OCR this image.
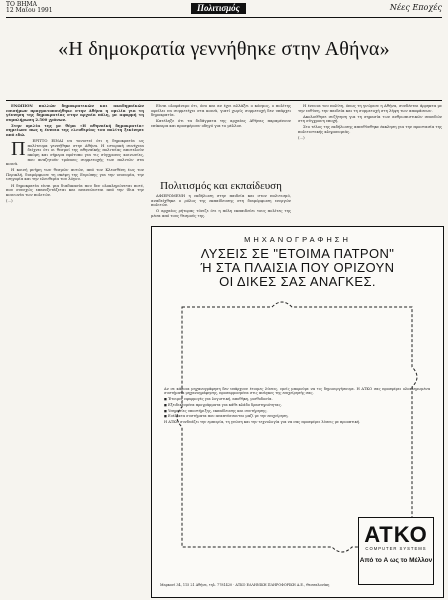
ΤΟ ΒΗΜΑ
12 Μαΐου 1991	Πολιτισμός	Νέες Εποχές
«Η δημοκρατία γεννήθηκε στην Αθήνα»

ΕΝΩΠΙΟΝ πολλών δημοκρατικών και ακαδημαϊκών επισήμων πραγματοποιήθηκε στην Αθήνα η ομιλία για τη γέννηση της δημοκρατίας στην αρχαία πόλη, με αφορμή τη συμπλήρωση 2.500 χρόνων.

Στην ομιλία της με θέμα «Η αθηναϊκή δημοκρατία» σημείωσε πως η έννοια της ελευθερίας του πολίτη ξεκίνησε από εδώ.

Π ΕΡΙΤΤΟ ΕΙΝΑΙ να τονιστεί ότι η δημοκρατία ως πολίτευμα γεννήθηκε στην Αθήνα. Η ιστορική συνέχεια δείχνει ότι οι θεσμοί της αθηναϊκής πολιτείας αποτελούν ακόμη και σήμερα πρότυπο για τις σύγχρονες κοινωνίες, που αναζητούν τρόπους συμμετοχής των πολιτών στα κοινά.

Η κοινή μνήμη των θεσμών αυτών, από τον Κλεισθένη έως τον Περικλή, διαμόρφωσε τη σκέψη της Ευρώπης για την ισονομία, την ισηγορία και την ελευθερία του λόγου.

Η δημοκρατία είναι μια διαδικασία που δεν ολοκληρώνεται ποτέ, που συνεχώς επανεξετάζεται και ανανεώνεται από την ίδια την κοινωνία των πολιτών.

(...)

Είναι ολοφάνερο ότι, όσο και αν έχει αλλάξει ο κόσμος, ο πολίτης οφείλει να συμμετέχει στα κοινά, γιατί χωρίς συμμετοχή δεν υπάρχει δημοκρατία.

Κατέληξε ότι τα διδάγματα της αρχαίας Αθήνας παραμένουν επίκαιρα και προσφέρουν οδηγό για το μέλλον.

Πολιτισμός και εκπαίδευση

ΑΦΙΕΡΩΜΕΝΗ η εκδήλωση στην παιδεία και στον πολιτισμό, αναδείχθηκε ο ρόλος της εκπαίδευσης στη διαμόρφωση ενεργών πολιτών.

Ο αρχαίος ρήτορας τόνιζε ότι η πόλη εκπαιδεύει τους πολίτες της μέσα από τους θεσμούς της.

Η έννοια του πολίτη, όπως τη γνώρισε η Αθήνα, συνδέεται άρρηκτα με την ευθύνη, την παιδεία και τη συμμετοχή στη λήψη των αποφάσεων.

Ακολούθησε συζήτηση για τη σημασία των ανθρωπιστικών σπουδών στη σύγχρονη εποχή.

Στο τέλος της εκδήλωσης απευθύνθηκε έκκληση για την προστασία της πολιτιστικής κληρονομιάς.

(...)

ΜΗΧΑΝΟΓΡΑΦΗΣΗ
ΛΥΣΕΙΣ ΣΕ "ΕΤΟΙΜΑ ΠΑΤΡΟΝ"
Ή ΣΤΑ ΠΛΑΙΣΙΑ ΠΟΥ ΟΡΙΖΟΥΝ
ΟΙ ΔΙΚΕΣ ΣΑΣ ΑΝΑΓΚΕΣ.

Αν σε κάποια μηχανογράφηση δεν υπάρχουν έτοιμες λύσεις, εμείς μπορούμε να τις δημιουργήσουμε. Η ΑΤΚΟ σας προσφέρει ολοκληρωμένα συστήματα μηχανογράφησης, προσαρμοσμένα στις ανάγκες της επιχείρησής σας.

■ Έτοιμες εφαρμογές για λογιστική, αποθήκη, μισθοδοσία.

■ Εξειδικευμένα προγράμματα για κάθε κλάδο δραστηριότητας.

■ Υπηρεσίες υποστήριξης, εκπαίδευσης και συντήρησης.

■ Ευέλικτα συστήματα που αναπτύσσονται μαζί με την επιχείρηση.

Η ΑΤΚΟ συνδυάζει την εμπειρία, τη γνώση και την τεχνολογία για να σας προσφέρει λύσεις με προοπτική.

ΑΤΚΟ
COMPUTER SYSTEMS
Από το Α ως το Μέλλον
Μαρκονί 34, 115 21 Αθήνα, τηλ. 7781420 · ΑΤΚΟ ΕΛΛΗΝΙΚΗ ΠΛΗΡΟΦΟΡΙΚΗ Α.Ε., Θεσσαλονίκη
